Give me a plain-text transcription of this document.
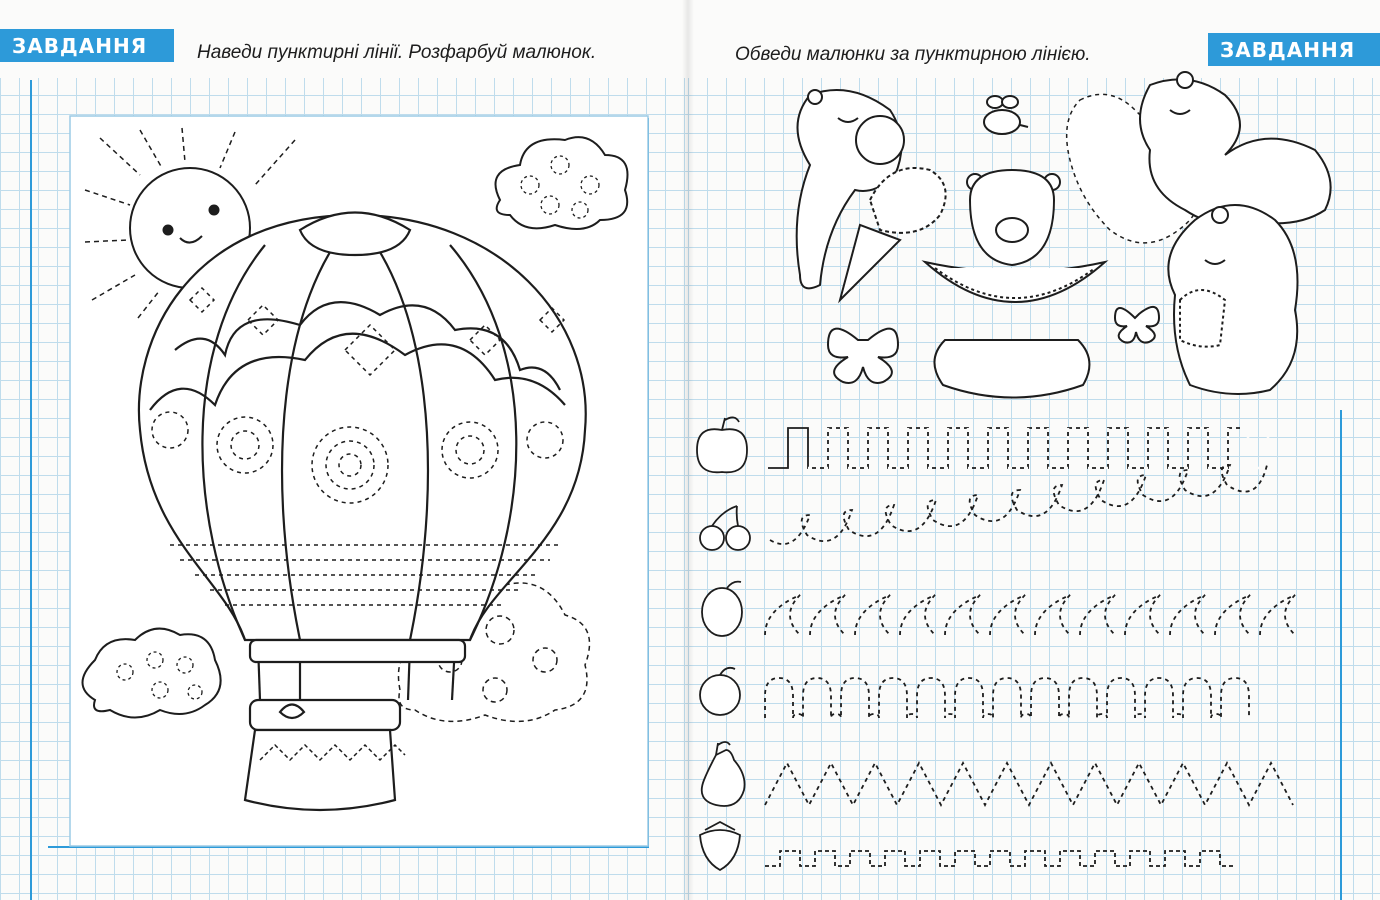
ЗАВДАННЯ	Наведи пунктирні лінії. Розфарбуй малюнок.	Обведи малюнки за пунктирною лінією.	ЗАВДАННЯ
